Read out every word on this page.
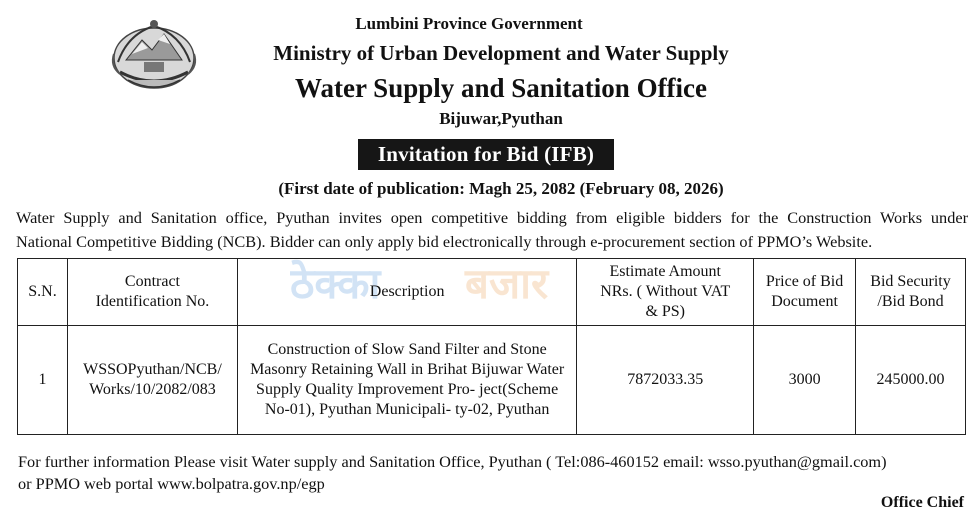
ठेक्का बजार
Lumbini Province Government
Ministry of Urban Development and Water Supply
Water Supply and Sanitation Office
Bijuwar,Pyuthan
Invitation for Bid (IFB)
(First date of publication: Magh 25, 2082 (February 08, 2026)
Water Supply and Sanitation office, Pyuthan invites open competitive bidding from eligible bidders for the Construction Works under
National Competitive Bidding (NCB). Bidder can only apply bid electronically through e-procurement section of PPMO’s Website.
S.N.	Contract Identification No.	Description	Estimate Amount NRs. ( Without VAT & PS)	Price of Bid Document	Bid Security /Bid Bond
1	WSSOPyuthan/NCB/ Works/10/2082/083	Construction of Slow Sand Filter and Stone Masonry Retaining Wall in Brihat Bijuwar Water Supply Quality Improvement Pro- ject(Scheme No-01), Pyuthan Municipali- ty-02, Pyuthan	7872033.35	3000	245000.00
For further information Please visit Water supply and Sanitation Office, Pyuthan ( Tel:086-460152 email: wsso.pyuthan@gmail.com)
or PPMO web portal www.bolpatra.gov.np/egp
Office Chief
